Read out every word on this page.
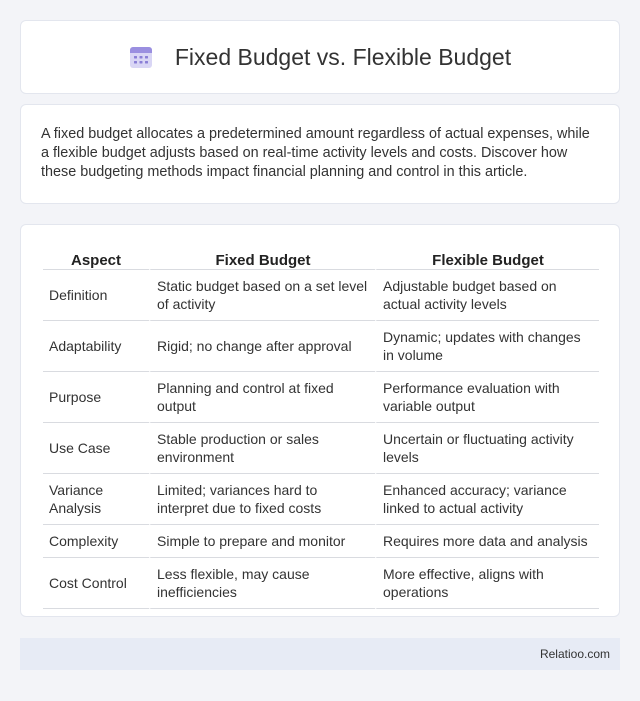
Fixed Budget vs. Flexible Budget

A fixed budget allocates a predetermined amount regardless of actual expenses, while a flexible budget adjusts based on real-time activity levels and costs. Discover how these budgeting methods impact financial planning and control in this article.

Aspect	Fixed Budget	Flexible Budget
Definition	Static budget based on a set level of activity	Adjustable budget based on actual activity levels
Adaptability	Rigid; no change after approval	Dynamic; updates with changes in volume
Purpose	Planning and control at fixed output	Performance evaluation with variable output
Use Case	Stable production or sales environment	Uncertain or fluctuating activity levels
Variance Analysis	Limited; variances hard to interpret due to fixed costs	Enhanced accuracy; variance linked to actual activity
Complexity	Simple to prepare and monitor	Requires more data and analysis
Cost Control	Less flexible, may cause inefficiencies	More effective, aligns with operations
Relatioo.com
